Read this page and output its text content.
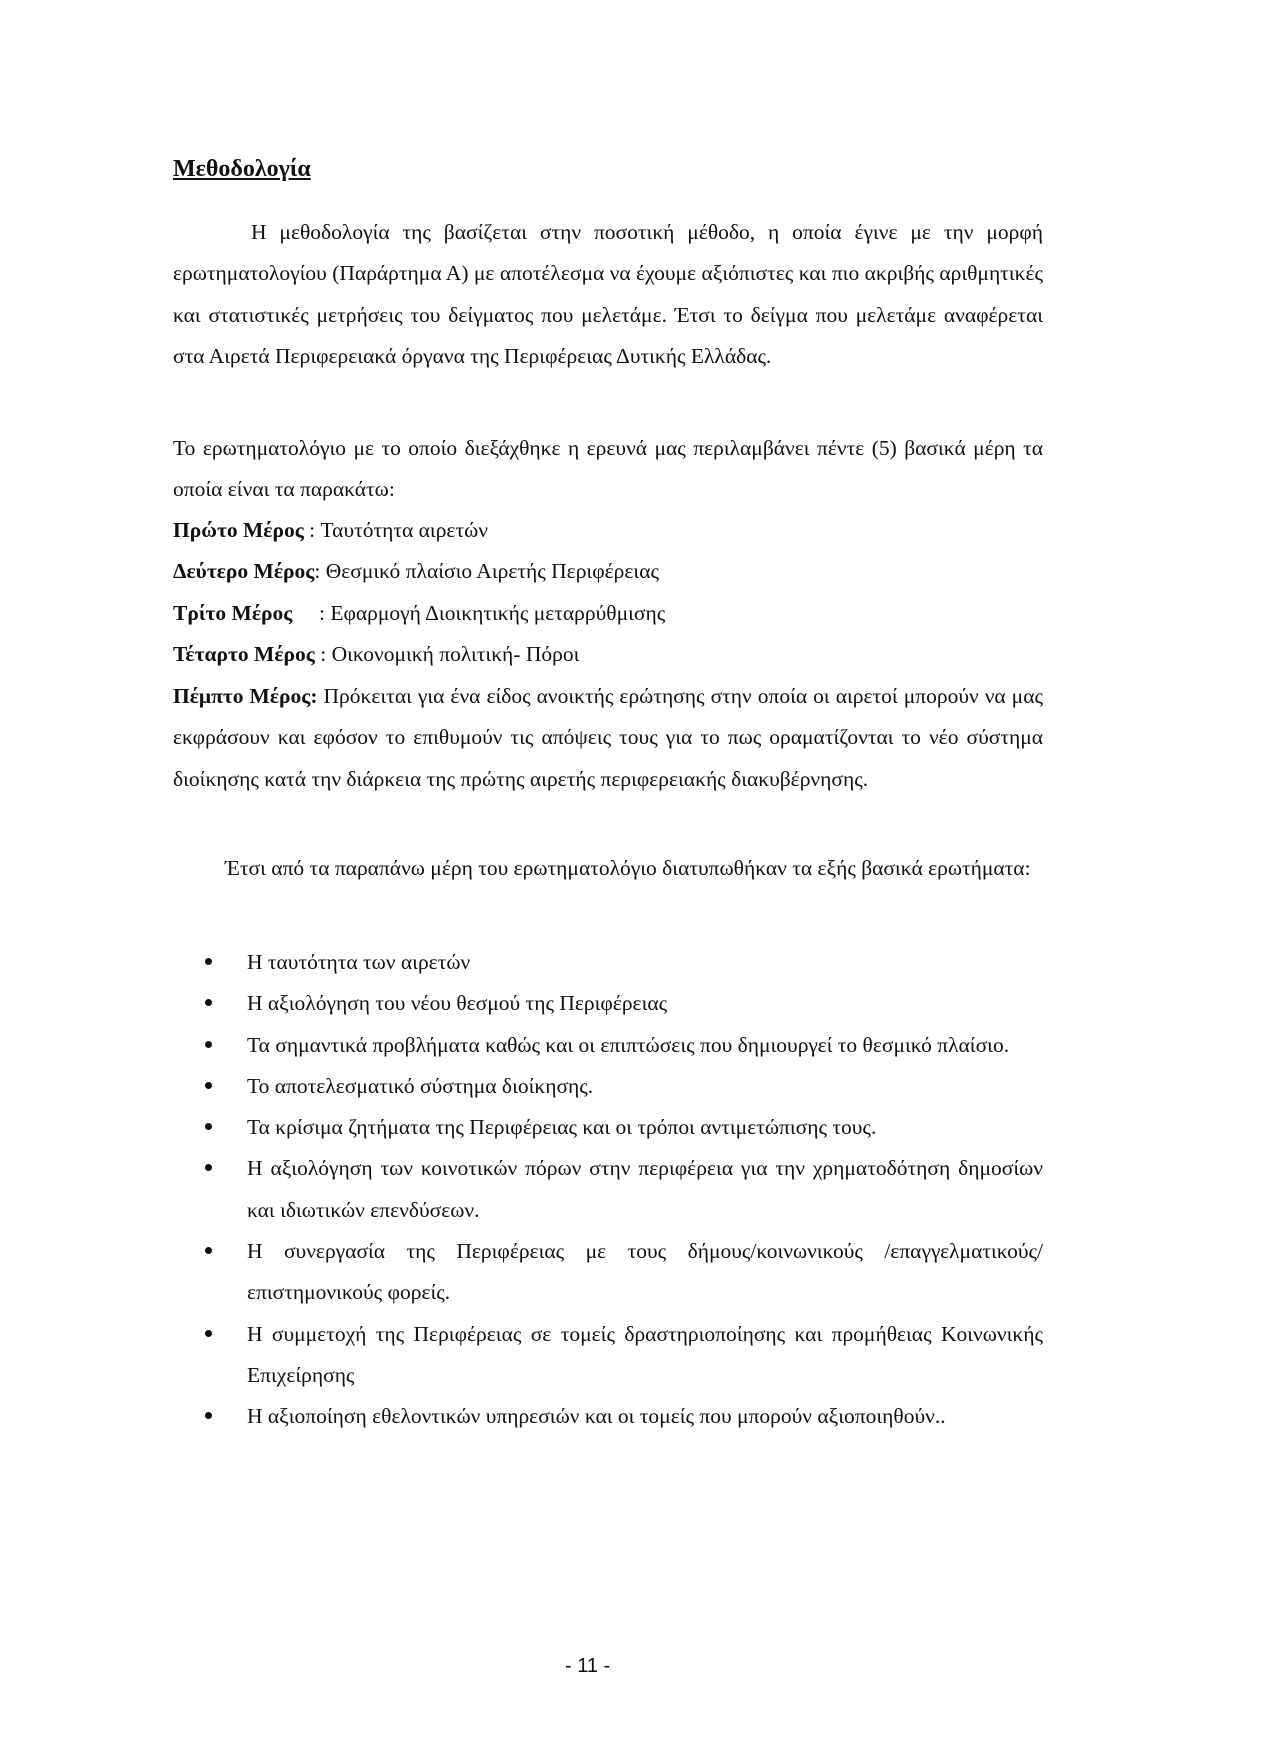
Μεθοδολογία
Η μεθοδολογία της βασίζεται στην ποσοτική μέθοδο, η οποία έγινε με την μορφή ερωτηματολογίου (Παράρτημα Α) με αποτέλεσμα να έχουμε αξιόπιστες και πιο ακριβής αριθμητικές και στατιστικές μετρήσεις του δείγματος που μελετάμε. Έτσι το δείγμα που μελετάμε αναφέρεται στα Αιρετά Περιφερειακά όργανα της Περιφέρειας Δυτικής Ελλάδας.
Το ερωτηματολόγιο με το οποίο διεξάχθηκε η ερευνά μας περιλαμβάνει πέντε (5) βασικά μέρη τα οποία είναι τα παρακάτω:
Πρώτο Μέρος : Ταυτότητα αιρετών
Δεύτερο Μέρος : Θεσμικό πλαίσιο Αιρετής Περιφέρειας
Τρίτο Μέρος	: Εφαρμογή Διοικητικής μεταρρύθμισης
Τέταρτο Μέρος : Οικονομική πολιτική- Πόροι
Πέμπτο Μέρος: Πρόκειται για ένα είδος ανοικτής ερώτησης στην οποία οι αιρετοί μπορούν να μας εκφράσουν και εφόσον το επιθυμούν τις απόψεις τους για το πως οραματίζονται το νέο σύστημα διοίκησης κατά την διάρκεια της πρώτης αιρετής περιφερειακής διακυβέρνησης.
Έτσι από τα παραπάνω μέρη του ερωτηματολόγιο διατυπωθήκαν τα εξής βασικά ερωτήματα:
Η ταυτότητα των αιρετών
Η αξιολόγηση του νέου θεσμού της Περιφέρειας
Τα σημαντικά προβλήματα καθώς και οι επιπτώσεις που δημιουργεί το θεσμικό πλαίσιο.
Το αποτελεσματικό σύστημα διοίκησης.
Τα κρίσιμα ζητήματα της Περιφέρειας και οι τρόποι αντιμετώπισης τους.
Η αξιολόγηση των κοινοτικών πόρων στην περιφέρεια για την χρηματοδότηση δημοσίων και ιδιωτικών επενδύσεων.
Η συνεργασία της Περιφέρειας με τους δήμους/κοινωνικούς /επαγγελματικούς/επιστημονικούς φορείς.
Η συμμετοχή της Περιφέρειας σε τομείς δραστηριοποίησης και προμήθειας Κοινωνικής Επιχείρησης
Η αξιοποίηση εθελοντικών υπηρεσιών και οι τομείς που μπορούν αξιοποιηθούν..
- 11 -
